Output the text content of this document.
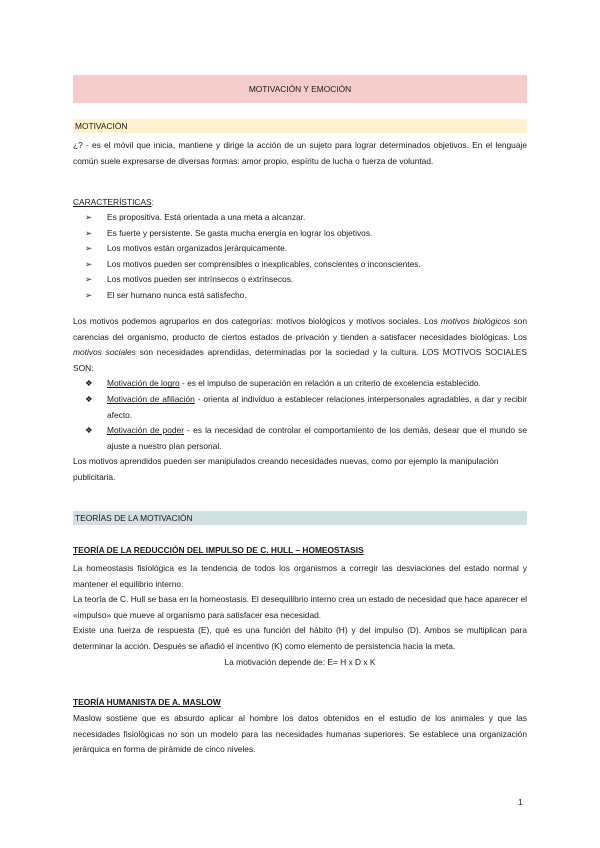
MOTIVACIÓN Y EMOCIÓN
MOTIVACIÓN
¿? - es el móvil que inicia, mantiene y dirige la acción de un sujeto para lograr determinados objetivos. En el lenguaje común suele expresarse de diversas formas: amor propio, espíritu de lucha o fuerza de voluntad.
CARACTERÍSTICAS:
➢ Es propositiva. Está orientada a una meta a alcanzar.
➢ Es fuerte y persistente. Se gasta mucha energía en lograr los objetivos.
➢ Los motivos están organizados jerárquicamente.
➢ Los motivos pueden ser comprensibles o inexplicables, conscientes o inconscientes.
➢ Los motivos pueden ser intrínsecos o extrínsecos.
➢ El ser humano nunca está satisfecho.
Los motivos podemos agruparlos en dos categorías: motivos biológicos y motivos sociales. Los motivos biológicos son carencias del organismo, producto de ciertos estados de privación y tienden a satisfacer necesidades biológicas. Los motivos sociales son necesidades aprendidas, determinadas por la sociedad y la cultura. LOS MOTIVOS SOCIALES SON:
❖ Motivación de logro - es el impulso de superación en relación a un criterio de excelencia establecido.
❖ Motivación de afiliación - orienta al individuo a establecer relaciones interpersonales agradables, a dar y recibir afecto.
❖ Motivación de poder - es la necesidad de controlar el comportamiento de los demás, desear que el mundo se ajuste a nuestro plan personal.
Los motivos aprendidos pueden ser manipulados creando necesidades nuevas, como por ejemplo la manipulación publicitaria.
TEORÍAS DE LA MOTIVACIÓN
TEORÍA DE LA REDUCCIÓN DEL IMPULSO DE C. HULL – HOMEOSTASIS
La homeostasis fisiológica es la tendencia de todos los organismos a corregir las desviaciones del estado normal y mantener el equilibrio interno.
La teoría de C. Hull se basa en la homeostasis. El desequilibrio interno crea un estado de necesidad que hace aparecer el «impulso» que mueve al organismo para satisfacer esa necesidad.
Existe una fuerza de respuesta (E), qué es una función del hábito (H) y del impulso (D). Ambos se multiplican para determinar la acción. Después se añadió el incentivo (K) como elemento de persistencia hacia la meta.
La motivación depende de: E= H x D x K
TEORÍA HUMANISTA DE A. MASLOW
Maslow sostiene que es absurdo aplicar al hombre los datos obtenidos en el estudio de los animales y que las necesidades fisiológicas no son un modelo para las necesidades humanas superiores. Se establece una organización jerárquica en forma de pirámide de cinco niveles.
1
